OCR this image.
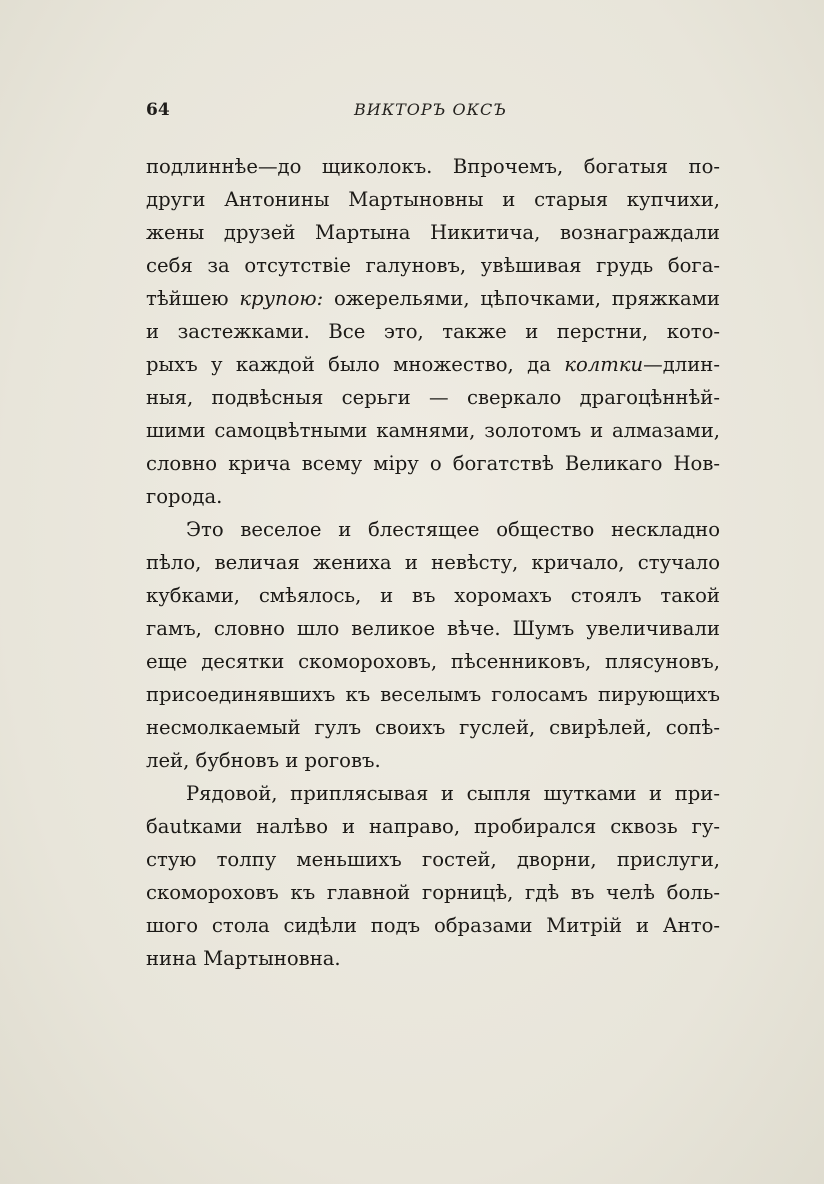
64	ВИКТОРЪ ОКСЪ

подлиннѣе—до щиколокъ. Впрочемъ, богатыя по-
други Антонины Мартыновны и старыя купчихи,
жены друзей Мартына Никитича, вознаграждали
себя за отсутствіе галуновъ, увѣшивая грудь бога-
тѣйшею крупою: ожерельями, цѣпочками, пряжками
и застежками. Все это, также и перстни, кото-
рыхъ у каждой было множество, да колтки—длин-
ныя, подвѣсныя серьги — сверкало драгоцѣннѣй-
шими самоцвѣтными камнями, золотомъ и алмазами,
словно крича всему міру о богатствѣ Великаго Нов-
города.

Это веселое и блестящее общество нескладно
пѣло, величая жениха и невѣсту, кричало, стучало
кубками, смѣялось, и въ хоромахъ стоялъ такой
гамъ, словно шло великое вѣче. Шумъ увеличивали
еще десятки скомороховъ, пѣсенниковъ, плясуновъ,
присоединявшихъ къ веселымъ голосамъ пирующихъ
несмолкаемый гулъ своихъ гуслей, свирѣлей, сопѣ-
лей, бубновъ и роговъ.

Рядовой, приплясывая и сыпля шутками и при-
бautками налѣво и направо, пробирался сквозь гу-
стую толпу меньшихъ гостей, дворни, прислуги,
скомороховъ къ главной горницѣ, гдѣ въ челѣ боль-
шого стола сидѣли подъ образами Митрій и Анто-
нина Мартыновна.
